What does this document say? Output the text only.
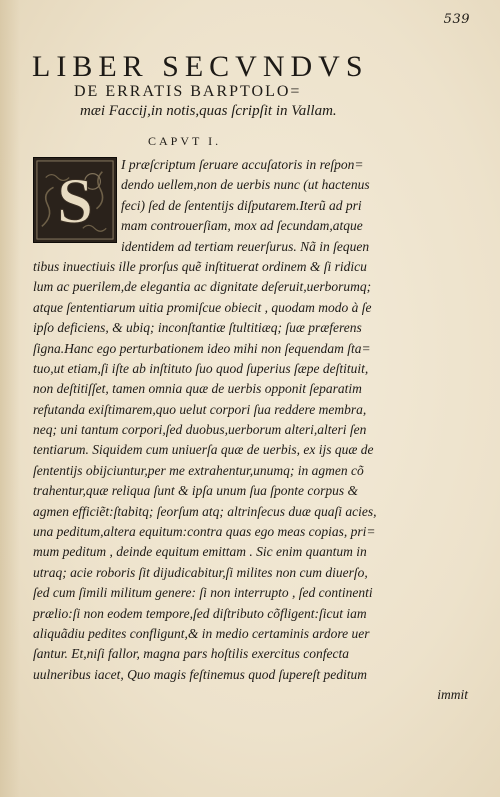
539
LIBER SECVNDVS
DE ERRATIS BARPTOLO=
mæi Faccij,in notis,quas ſcripſit in Vallam.
CAPVT I.
S
I præſcriptum ſeruare accuſatoris in reſpon=
dendo uellem,non de uerbis nunc (ut hactenus
feci) ſed de ſententijs diſputarem.Iterũ ad pri
mam controuerſiam, mox ad ſecundam,atque
identidem ad tertiam reuerſurus. Nã in ſequen
tibus inuectiuis ille prorſus quẽ inſtituerat ordinem & ſi ridicu
lum ac puerilem,de elegantia ac dignitate deſeruit,uerborumq;
atque ſententiarum uitia promiſcue obiecit , quodam modo à ſe
ipſo deficiens, & ubiq; inconſtantiæ ſtultitiæq; ſuæ præferens
ſigna.Hanc ego perturbationem ideo mihi non ſequendam ſta=
tuo,ut etiam,ſi iſte ab inſtituto ſuo quod ſuperius ſæpe deſtituit,
non deſtitiſſet, tamen omnia quæ de uerbis opponit ſeparatim
refutanda exiſtimarem,quo uelut corpori ſua reddere membra,
neq; uni tantum corpori,ſed duobus,uerborum alteri,alteri ſen
tentiarum. Siquidem cum uniuerſa quæ de uerbis, ex ijs quæ de
ſententijs obijciuntur,per me extrahentur,unumq; in agmen cõ
trahentur,quæ reliqua ſunt & ipſa unum ſua ſponte corpus &
agmen efficiẽt:ſtabitq; ſeorſum atq; altrinſecus duæ quaſi acies,
una peditum,altera equitum:contra quas ego meas copias, pri=
mum peditum , deinde equitum emittam . Sic enim quantum in
utraq; acie roboris ſit dijudicabitur,ſi milites non cum diuerſo,
ſed cum ſimili militum genere: ſi non interrupto , ſed continenti
prælio:ſi non eodem tempore,ſed diſtributo cõfligent:ſicut iam
aliquãdiu pedites confligunt,& in medio certaminis ardore uer
ſantur. Et,niſi fallor, magna pars hoſtilis exercitus confecta
uulneribus iacet, Quo magis feſtinemus quod ſupereſt peditum
immit
